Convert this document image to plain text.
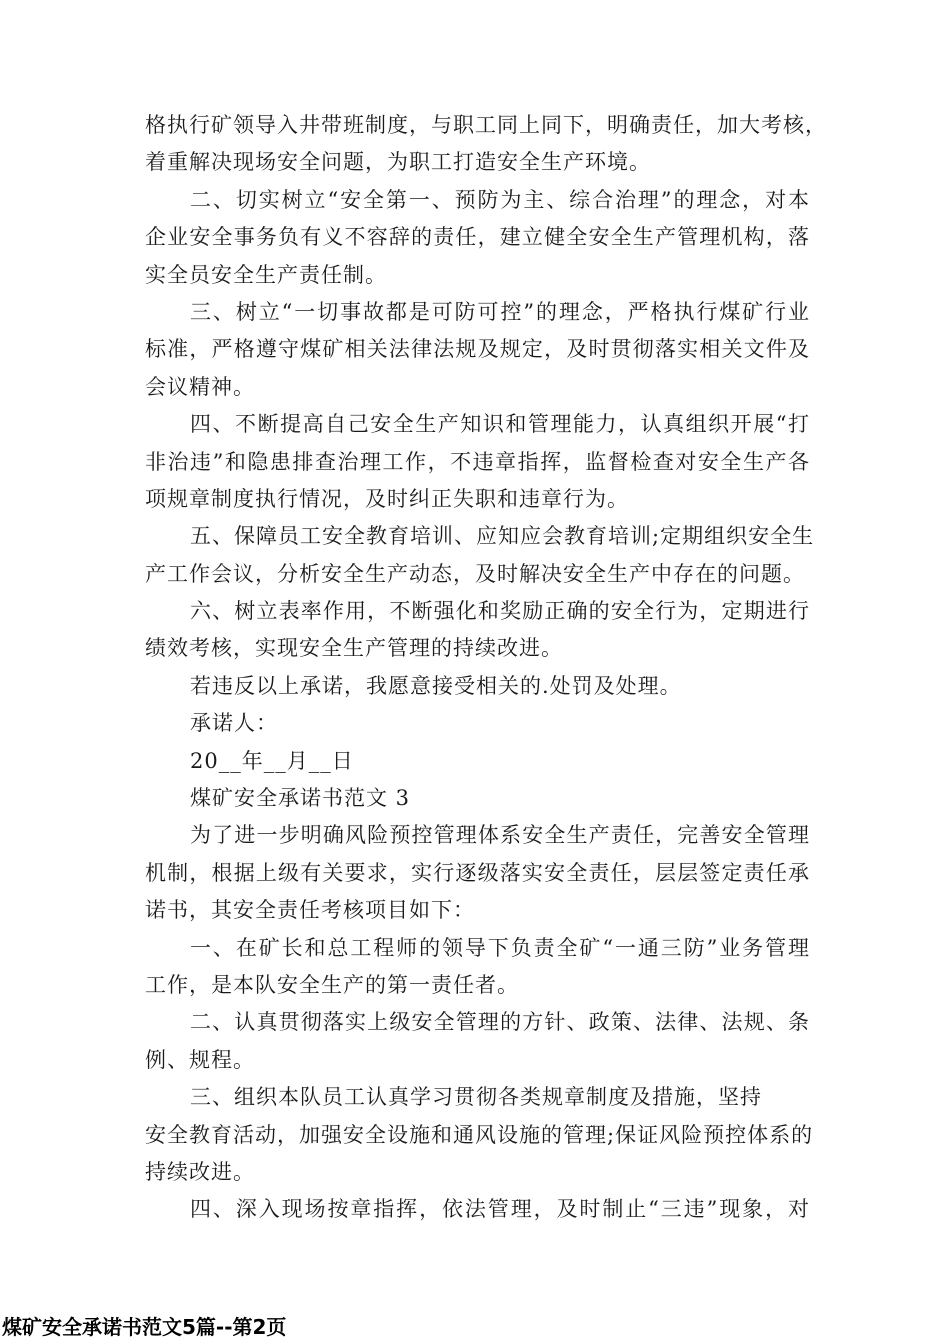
格执行矿领导入井带班制度，与职工同上同下，明确责任，加大考核，
着重解决现场安全问题，为职工打造安全生产环境。
二、切实树立“安全第一、预防为主、综合治理”的理念，对本
企业安全事务负有义不容辞的责任，建立健全安全生产管理机构，落
实全员安全生产责任制。
三、树立“一切事故都是可防可控”的理念，严格执行煤矿行业
标准，严格遵守煤矿相关法律法规及规定，及时贯彻落实相关文件及
会议精神。
四、不断提高自己安全生产知识和管理能力，认真组织开展“打
非治违”和隐患排查治理工作，不违章指挥，监督检查对安全生产各
项规章制度执行情况，及时纠正失职和违章行为。
五、保障员工安全教育培训、应知应会教育培训;定期组织安全生
产工作会议，分析安全生产动态，及时解决安全生产中存在的问题。
六、树立表率作用，不断强化和奖励正确的安全行为，定期进行
绩效考核，实现安全生产管理的持续改进。
若违反以上承诺，我愿意接受相关的.处罚及处理。
承诺人：
20__年__月__日
煤矿安全承诺书范文 3
为了进一步明确风险预控管理体系安全生产责任，完善安全管理
机制，根据上级有关要求，实行逐级落实安全责任，层层签定责任承
诺书，其安全责任考核项目如下：
一、在矿长和总工程师的领导下负责全矿“一通三防”业务管理
工作，是本队安全生产的第一责任者。
二、认真贯彻落实上级安全管理的方针、政策、法律、法规、条
例、规程。
三、组织本队员工认真学习贯彻各类规章制度及措施，坚持
安全教育活动，加强安全设施和通风设施的管理;保证风险预控体系的
持续改进。
四、深入现场按章指挥，依法管理，及时制止“三违”现象，对
煤矿安全承诺书范文5篇--第2页
